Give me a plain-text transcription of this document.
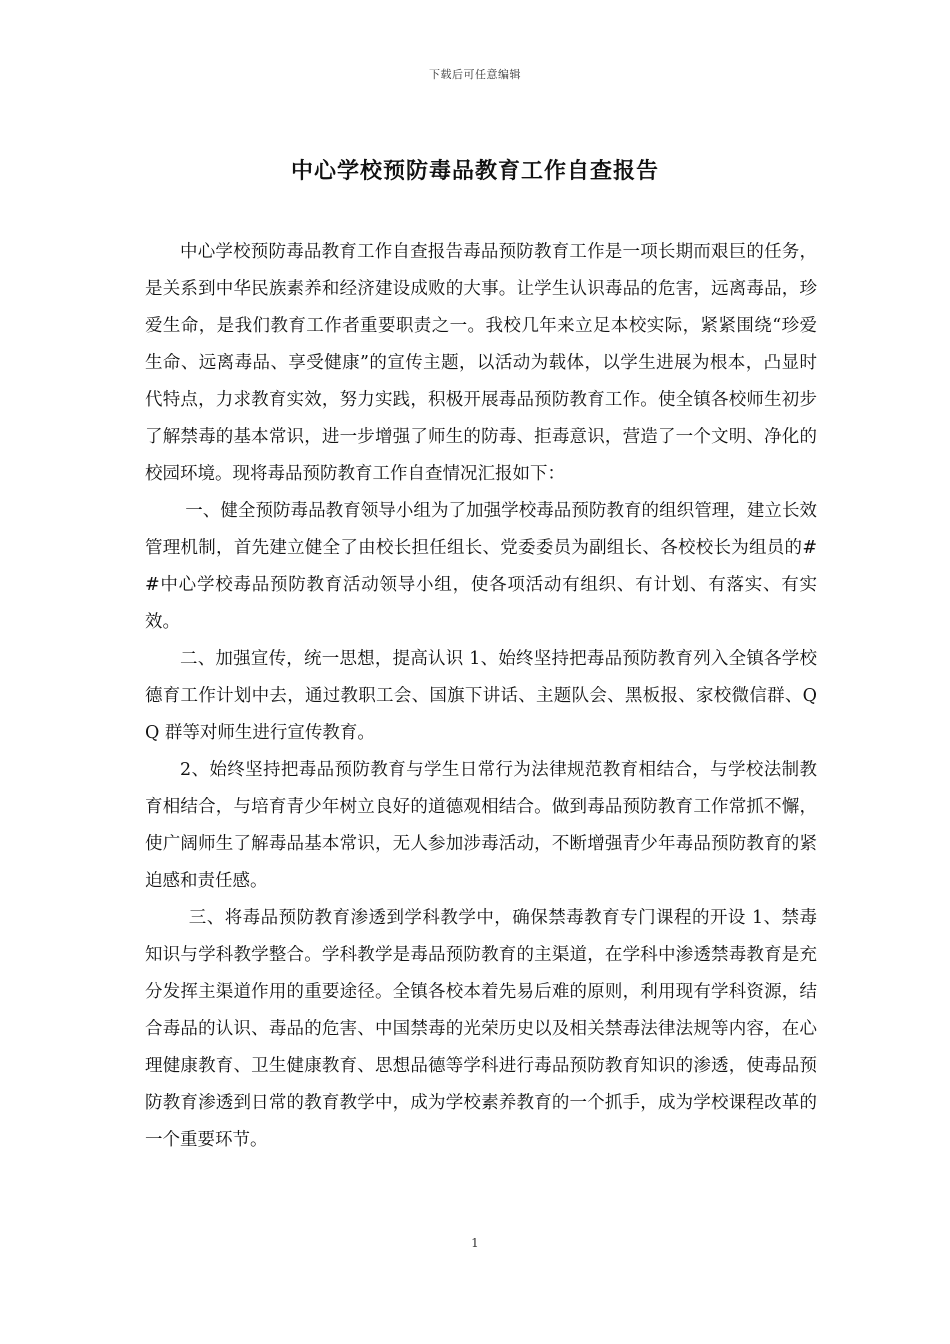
下载后可任意编辑
中心学校预防毒品教育工作自查报告

中心学校预防毒品教育工作自查报告毒品预防教育工作是一项长期而艰巨的任务，是关系到中华民族素养和经济建设成败的大事。让学生认识毒品的危害，远离毒品，珍爱生命，是我们教育工作者重要职责之一。我校几年来立足本校实际，紧紧围绕“珍爱生命、远离毒品、享受健康”的宣传主题，以活动为载体，以学生进展为根本，凸显时代特点，力求教育实效，努力实践，积极开展毒品预防教育工作。使全镇各校师生初步了解禁毒的基本常识，进一步增强了师生的防毒、拒毒意识，营造了一个文明、净化的校园环境。现将毒品预防教育工作自查情况汇报如下：

一、健全预防毒品教育领导小组为了加强学校毒品预防教育的组织管理，建立长效管理机制，首先建立健全了由校长担任组长、党委委员为副组长、各校校长为组员的##中心学校毒品预防教育活动领导小组，使各项活动有组织、有计划、有落实、有实效。

二、加强宣传，统一思想，提高认识 1、始终坚持把毒品预防教育列入全镇各学校德育工作计划中去，通过教职工会、国旗下讲话、主题队会、黑板报、家校微信群、QQ 群等对师生进行宣传教育。

2、始终坚持把毒品预防教育与学生日常行为法律规范教育相结合，与学校法制教育相结合，与培育青少年树立良好的道德观相结合。做到毒品预防教育工作常抓不懈，使广阔师生了解毒品基本常识，无人参加涉毒活动，不断增强青少年毒品预防教育的紧迫感和责任感。

三、将毒品预防教育渗透到学科教学中，确保禁毒教育专门课程的开设 1、禁毒知识与学科教学整合。学科教学是毒品预防教育的主渠道，在学科中渗透禁毒教育是充分发挥主渠道作用的重要途径。全镇各校本着先易后难的原则，利用现有学科资源，结合毒品的认识、毒品的危害、中国禁毒的光荣历史以及相关禁毒法律法规等内容，在心理健康教育、卫生健康教育、思想品德等学科进行毒品预防教育知识的渗透，使毒品预防教育渗透到日常的教育教学中，成为学校素养教育的一个抓手，成为学校课程改革的一个重要环节。

1
